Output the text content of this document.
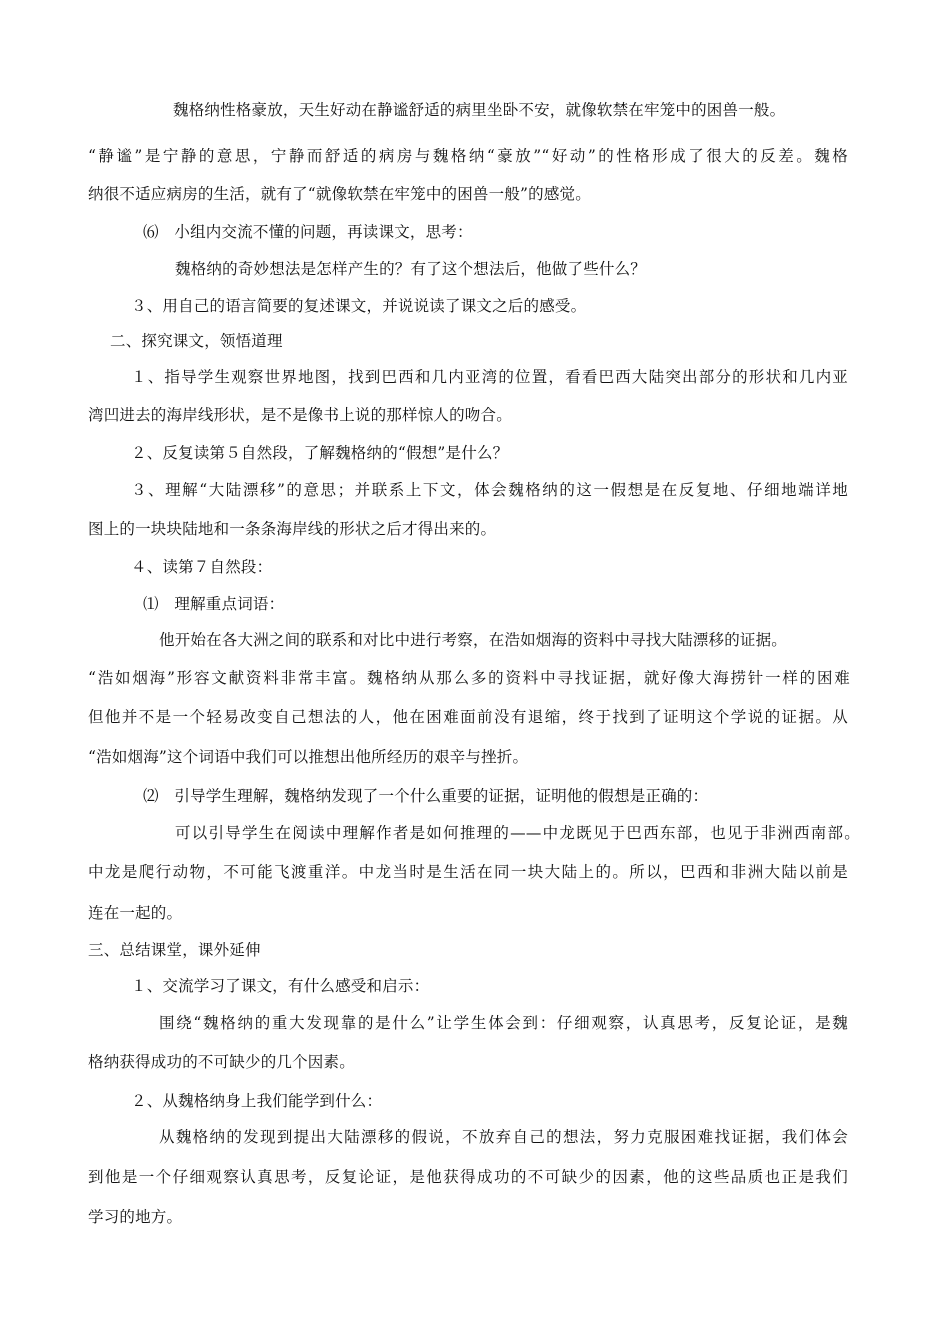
魏格纳性格豪放，天生好动在静谧舒适的病里坐卧不安，就像软禁在牢笼中的困兽一般。
“静谧”是宁静的意思，宁静而舒适的病房与魏格纳“豪放”“好动”的性格形成了很大的反差。魏格
纳很不适应病房的生活，就有了“就像软禁在牢笼中的困兽一般”的感觉。
⑹　小组内交流不懂的问题，再读课文，思考：
魏格纳的奇妙想法是怎样产生的？有了这个想法后，他做了些什么？
３、用自己的语言简要的复述课文，并说说读了课文之后的感受。
二、探究课文，领悟道理
１、指导学生观察世界地图，找到巴西和几内亚湾的位置，看看巴西大陆突出部分的形状和几内亚
湾凹进去的海岸线形状，是不是像书上说的那样惊人的吻合。
２、反复读第５自然段，了解魏格纳的“假想”是什么？
３、理解“大陆漂移”的意思；并联系上下文，体会魏格纳的这一假想是在反复地、仔细地端详地
图上的一块块陆地和一条条海岸线的形状之后才得出来的。
４、读第７自然段：
⑴　理解重点词语：
他开始在各大洲之间的联系和对比中进行考察，在浩如烟海的资料中寻找大陆漂移的证据。
“浩如烟海”形容文献资料非常丰富。魏格纳从那么多的资料中寻找证据，就好像大海捞针一样的困难
但他并不是一个轻易改变自己想法的人，他在困难面前没有退缩，终于找到了证明这个学说的证据。从
“浩如烟海”这个词语中我们可以推想出他所经历的艰辛与挫折。
⑵　引导学生理解，魏格纳发现了一个什么重要的证据，证明他的假想是正确的：
可以引导学生在阅读中理解作者是如何推理的——中龙既见于巴西东部，也见于非洲西南部。
中龙是爬行动物，不可能飞渡重洋。中龙当时是生活在同一块大陆上的。所以，巴西和非洲大陆以前是
连在一起的。
三、总结课堂，课外延伸
１、交流学习了课文，有什么感受和启示：
围绕“魏格纳的重大发现靠的是什么”让学生体会到：仔细观察，认真思考，反复论证，是魏
格纳获得成功的不可缺少的几个因素。
２、从魏格纳身上我们能学到什么：
从魏格纳的发现到提出大陆漂移的假说，不放弃自己的想法，努力克服困难找证据，我们体会
到他是一个仔细观察认真思考，反复论证，是他获得成功的不可缺少的因素，他的这些品质也正是我们
学习的地方。
